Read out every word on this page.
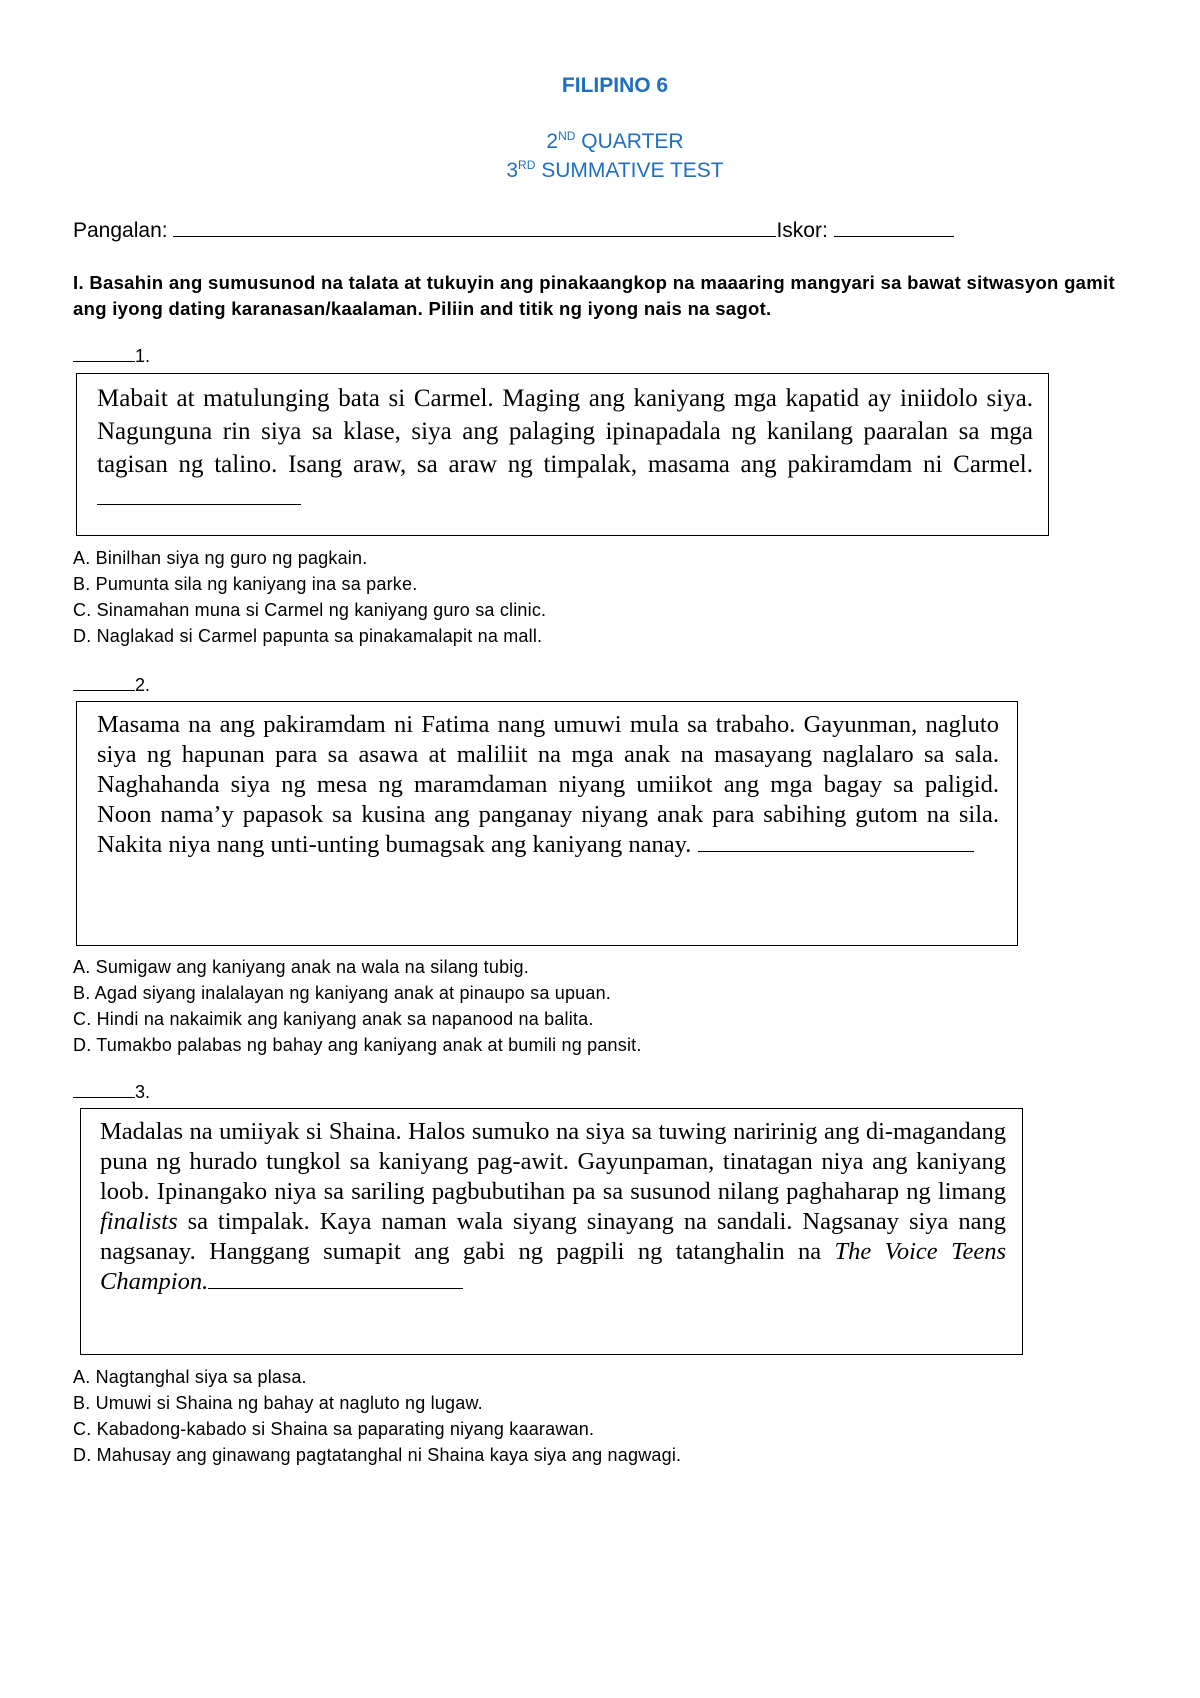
FILIPINO 6
2ND QUARTER
3RD SUMMATIVE TEST
Pangalan:	Iskor:
I. Basahin ang sumusunod na talata at tukuyin ang pinakaangkop na maaaring mangyari sa bawat sitwasyon gamit ang iyong dating karanasan/kaalaman. Piliin and titik ng iyong nais na sagot.
1.
Mabait at matulunging bata si Carmel. Maging ang kaniyang mga kapatid ay iniidolo siya. Nagunguna rin siya sa klase, siya ang palaging ipinapadala ng kanilang paaralan sa mga tagisan ng talino. Isang araw, sa araw ng timpalak, masama ang pakiramdam ni Carmel.
A. Binilhan siya ng guro ng pagkain.
B. Pumunta sila ng kaniyang ina sa parke.
C. Sinamahan muna si Carmel ng kaniyang guro sa clinic.
D. Naglakad si Carmel papunta sa pinakamalapit na mall.
2.
Masama na ang pakiramdam ni Fatima nang umuwi mula sa trabaho. Gayunman, nagluto siya ng hapunan para sa asawa at maliliit na mga anak na masayang naglalaro sa sala. Naghahanda siya ng mesa ng maramdaman niyang umiikot ang mga bagay sa paligid. Noon nama’y papasok sa kusina ang panganay niyang anak para sabihing gutom na sila. Nakita niya nang unti-unting bumagsak ang kaniyang nanay.
A. Sumigaw ang kaniyang anak na wala na silang tubig.
B. Agad siyang inalalayan ng kaniyang anak at pinaupo sa upuan.
C. Hindi na nakaimik ang kaniyang anak sa napanood na balita.
D. Tumakbo palabas ng bahay ang kaniyang anak at bumili ng pansit.
3.
Madalas na umiiyak si Shaina. Halos sumuko na siya sa tuwing naririnig ang di-magandang puna ng hurado tungkol sa kaniyang pag-awit. Gayunpaman, tinatagan niya ang kaniyang loob. Ipinangako niya sa sariling pagbubutihan pa sa susunod nilang paghaharap ng limang finalists sa timpalak. Kaya naman wala siyang sinayang na sandali. Nagsanay siya nang nagsanay. Hanggang sumapit ang gabi ng pagpili ng tatanghalin na The Voice Teens Champion.
A. Nagtanghal siya sa plasa.
B. Umuwi si Shaina ng bahay at nagluto ng lugaw.
C. Kabadong-kabado si Shaina sa paparating niyang kaarawan.
D. Mahusay ang ginawang pagtatanghal ni Shaina kaya siya ang nagwagi.
